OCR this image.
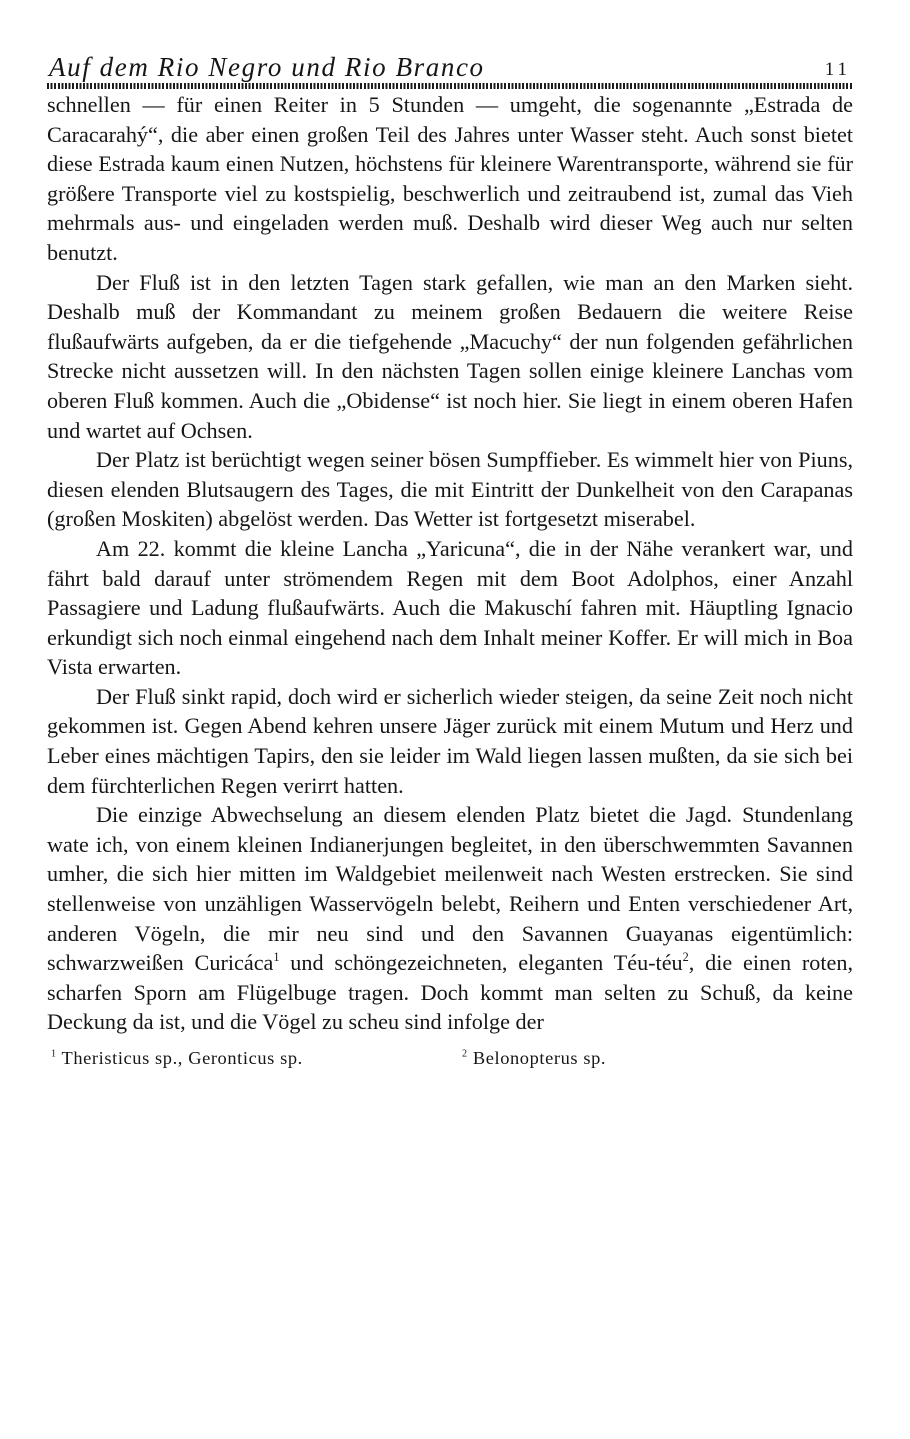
Auf dem Rio Negro und Rio Branco	11

schnellen — für einen Reiter in 5 Stunden — umgeht, die sogenannte „Estrada de Caracarahý“, die aber einen großen Teil des Jahres unter Wasser steht. Auch sonst bietet diese Estrada kaum einen Nutzen, höchstens für kleinere Warentransporte, während sie für größere Transporte viel zu kostspielig, beschwerlich und zeitraubend ist, zumal das Vieh mehrmals aus- und eingeladen werden muß. Deshalb wird dieser Weg auch nur selten benutzt.

Der Fluß ist in den letzten Tagen stark gefallen, wie man an den Marken sieht. Deshalb muß der Kommandant zu meinem großen Bedauern die weitere Reise flußaufwärts aufgeben, da er die tiefgehende „Macuchy“ der nun folgenden gefährlichen Strecke nicht aussetzen will. In den nächsten Tagen sollen einige kleinere Lanchas vom oberen Fluß kommen. Auch die „Obidense“ ist noch hier. Sie liegt in einem oberen Hafen und wartet auf Ochsen.

Der Platz ist berüchtigt wegen seiner bösen Sumpffieber. Es wimmelt hier von Piuns, diesen elenden Blutsaugern des Tages, die mit Eintritt der Dunkelheit von den Carapanas (großen Moskiten) abgelöst werden. Das Wetter ist fortgesetzt miserabel.

Am 22. kommt die kleine Lancha „Yaricuna“, die in der Nähe verankert war, und fährt bald darauf unter strömendem Regen mit dem Boot Adolphos, einer Anzahl Passagiere und Ladung flußaufwärts. Auch die Makuschí fahren mit. Häuptling Ignacio erkundigt sich noch einmal eingehend nach dem Inhalt meiner Koffer. Er will mich in Boa Vista erwarten.

Der Fluß sinkt rapid, doch wird er sicherlich wieder steigen, da seine Zeit noch nicht gekommen ist. Gegen Abend kehren unsere Jäger zurück mit einem Mutum und Herz und Leber eines mächtigen Tapirs, den sie leider im Wald liegen lassen mußten, da sie sich bei dem fürchterlichen Regen verirrt hatten.

Die einzige Abwechselung an diesem elenden Platz bietet die Jagd. Stundenlang wate ich, von einem kleinen Indianerjungen begleitet, in den überschwemmten Savannen umher, die sich hier mitten im Waldgebiet meilenweit nach Westen erstrecken. Sie sind stellenweise von unzähligen Wasservögeln belebt, Reihern und Enten verschiedener Art, anderen Vögeln, die mir neu sind und den Savannen Guayanas eigentümlich: schwarzweißen Curicáca$^1$ und schöngezeichneten, eleganten Téu-téu$^2$, die einen roten, scharfen Sporn am Flügelbuge tragen. Doch kommt man selten zu Schuß, da keine Deckung da ist, und die Vögel zu scheu sind infolge der

$^1$ Theristicus sp., Geronticus sp.	$^2$ Belonopterus sp.
